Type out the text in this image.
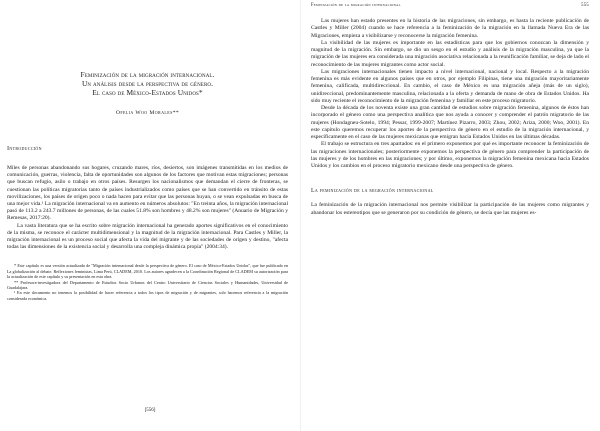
Feminización de la migración internacional.
Un análisis desde la perspectiva de género.
El caso de México-Estados Unidos*
Ofelia Woo Morales**
Introducción

Miles de personas abandonando sus hogares, cruzando mares, ríos, desiertos, son imágenes transmitidas en los medios de comunicación, guerras, violencia, falta de oportunidades son algunos de los factores que motivan estas migraciones; personas que buscan refugio, asilo o trabajo en otros países. Resurgen los nacionalismos que demandan el cierre de fronteras, se cuestionan las políticas migratorias tanto de países industrializados como países que se han convertido en tránsito de estas movilizaciones, los países de origen poco o nada hacen para evitar que las personas huyan, o se vean expulsadas en busca de una mejor vida.¹ La migración internacional va en aumento en números absolutos: "En treinta años, la migración internacional pasó de 113.2 a 243.7 millones de personas, de las cuales 51.8% son hombres y 48.2% son mujeres" (Anuario de Migración y Remesas, 2017:20).

La vasta literatura que se ha escrito sobre migración internacional ha generado aportes significativos en el conocimiento de la misma, se reconoce el carácter multidimensional y la magnitud de la migración internacional. Para Castles y Miller, la migración internacional es un proceso social que afecta la vida del migrante y de las sociedades de origen y destino, "afecta todas las dimensiones de la existencia social y desarrolla una compleja dinámica propia" (2004:34).

* Este capítulo es una versión actualizada de "Migración internacional desde la perspectiva de género. El caso de México-Estados Unidos", que fue publicado en La globalización al debate. Reflexiones feministas, Lima Perú, CLADEM, 2010. Los autores agradecen a la Coordinación Regional de CLADEM su autorización para la actualización de este capítulo y su presentación en esta obra.

** Profesora-investigadora del Departamento de Estudios Socio Urbanos del Centro Universitario de Ciencias Sociales y Humanidades, Universidad de Guadalajara.

¹ En este documento no tenemos la posibilidad de hacer referencia a todos los tipos de migración y de migrantes, solo hacemos referencia a la migración considerada económica.

[556]
Feminización de la migración internacional	555

Las mujeres han estado presentes en la historia de las migraciones, sin embargo, es hasta la reciente publicación de Castles y Miller (2004) cuando se hace referencia a la feminización de la migración en la llamada Nueva Era de las Migraciones, empieza a visibilizarse y reconocerse la migración femenina.

La visibilidad de las mujeres es importante en las estadísticas para que los gobiernos conozcan la dimensión y magnitud de la migración. Sin embargo, se dio un sesgo en el estudio y análisis de la migración masculina, ya que la migración de las mujeres era considerada una migración asociativa relacionada a la reunificación familiar, se deja de lado el reconocimiento de las mujeres migrantes como actor social.

Las migraciones internacionales tienen impacto a nivel internacional, nacional y local. Respecto a la migración femenina es más evidente en algunos países que en otros, por ejemplo Filipinas, tiene una migración mayoritariamente femenina, calificada, multidireccional. En cambio, el caso de México es una migración añeja (más de un siglo), unidireccional, predominantemente masculina, relacionada a la oferta y demanda de mano de obra de Estados Unidos. Ha sido muy reciente el reconocimiento de la migración femenina y familiar en este proceso migratorio.

Desde la década de los noventa existe una gran cantidad de estudios sobre migración femenina, algunos de éstos han incorporado el género como una perspectiva analítica que nos ayuda a conocer y comprender el patrón migratorio de las mujeres (Hondagneu-Sotelo, 1994; Pessar, 1999-2007; Martínez Pizarro, 2003; Zhou, 2002; Ariza, 2000; Woo, 2001). En este capítulo queremos recuperar los aportes de la perspectiva de género en el estudio de la migración internacional, y específicamente en el caso de las mujeres mexicanas que emigran hacia Estados Unidos en las últimas décadas.

El trabajo se estructura en tres apartados: en el primero exponemos por qué es importante reconocer la feminización de las migraciones internacionales; posteriormente exponemos la perspectiva de género para comprender la participación de las mujeres y de los hombres en las migraciones; y por último, exponemos la migración femenina mexicana hacia Estados Unidos y los cambios en el proceso migratorio mexicano desde una perspectiva de género.

La feminización de la migración internacional

La feminización de la migración internacional nos permite visibilizar la participación de las mujeres como migrantes y abandonar los estereotipos que se generaron por su condición de género, se decía que las mujeres es-
